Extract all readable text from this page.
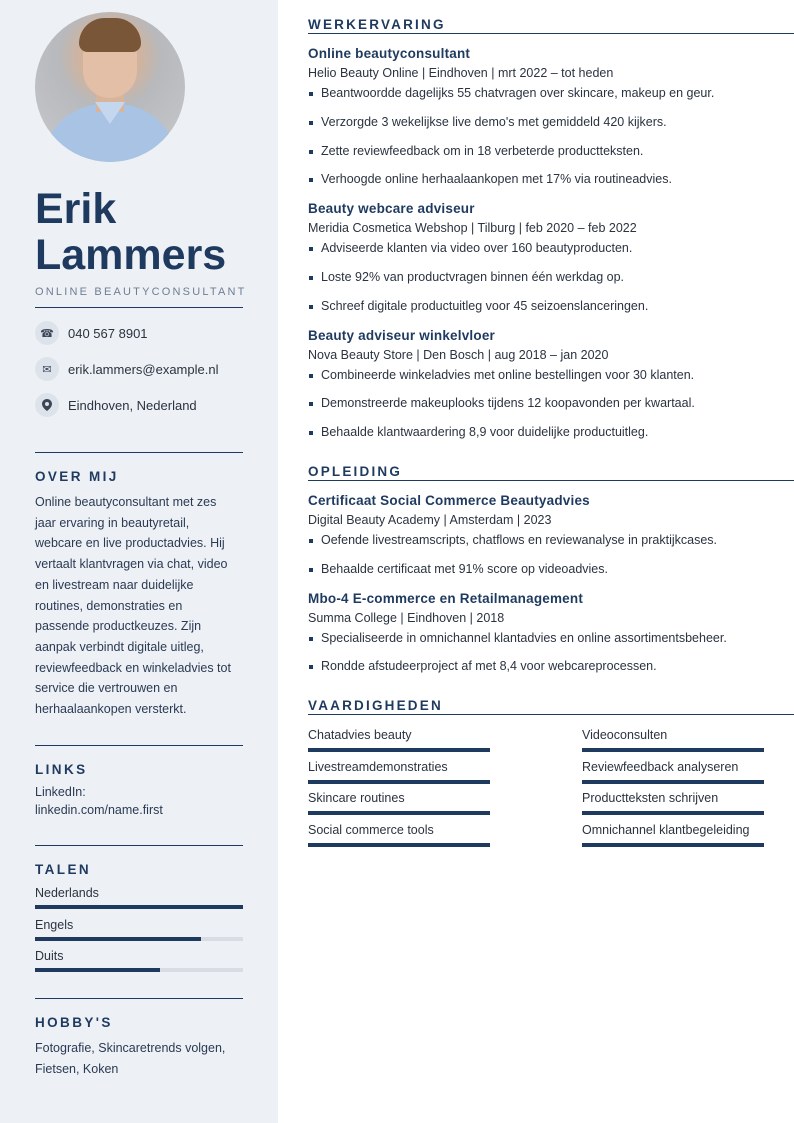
Erik
Lammers
ONLINE BEAUTYCONSULTANT
☎	040 567 8901
✉	erik.lammers@example.nl
Eindhoven, Nederland
OVER MIJ
Online beautyconsultant met zes
jaar ervaring in beautyretail,
webcare en live productadvies. Hij
vertaalt klantvragen via chat, video
en livestream naar duidelijke
routines, demonstraties en
passende productkeuzes. Zijn
aanpak verbindt digitale uitleg,
reviewfeedback en winkeladvies tot
service die vertrouwen en
herhaalaankopen versterkt.
LINKS
LinkedIn:
linkedin.com/name.first
TALEN
Nederlands
Engels
Duits
HOBBY'S
Fotografie, Skincaretrends volgen,
Fietsen, Koken
WERKERVARING
OPLEIDING
VAARDIGHEDEN
Online beautyconsultant
Helio Beauty Online | Eindhoven | mrt 2022 – tot heden
Beantwoordde dagelijks 55 chatvragen over skincare, makeup en geur.
Verzorgde 3 wekelijkse live demo's met gemiddeld 420 kijkers.
Zette reviewfeedback om in 18 verbeterde productteksten.
Verhoogde online herhaalaankopen met 17% via routineadvies.
Beauty webcare adviseur
Meridia Cosmetica Webshop | Tilburg | feb 2020 – feb 2022
Adviseerde klanten via video over 160 beautyproducten.
Loste 92% van productvragen binnen één werkdag op.
Schreef digitale productuitleg voor 45 seizoenslanceringen.
Beauty adviseur winkelvloer
Nova Beauty Store | Den Bosch | aug 2018 – jan 2020
Combineerde winkeladvies met online bestellingen voor 30 klanten.
Demonstreerde makeuplooks tijdens 12 koopavonden per kwartaal.
Behaalde klantwaardering 8,9 voor duidelijke productuitleg.
Certificaat Social Commerce Beautyadvies
Digital Beauty Academy | Amsterdam | 2023
Oefende livestreamscripts, chatflows en reviewanalyse in praktijkcases.
Behaalde certificaat met 91% score op videoadvies.
Mbo-4 E-commerce en Retailmanagement
Summa College | Eindhoven | 2018
Specialiseerde in omnichannel klantadvies en online assortimentsbeheer.
Rondde afstudeerproject af met 8,4 voor webcareprocessen.
Chatadvies beauty
Livestreamdemonstraties
Skincare routines
Social commerce tools
Videoconsulten
Reviewfeedback analyseren
Productteksten schrijven
Omnichannel klantbegeleiding
